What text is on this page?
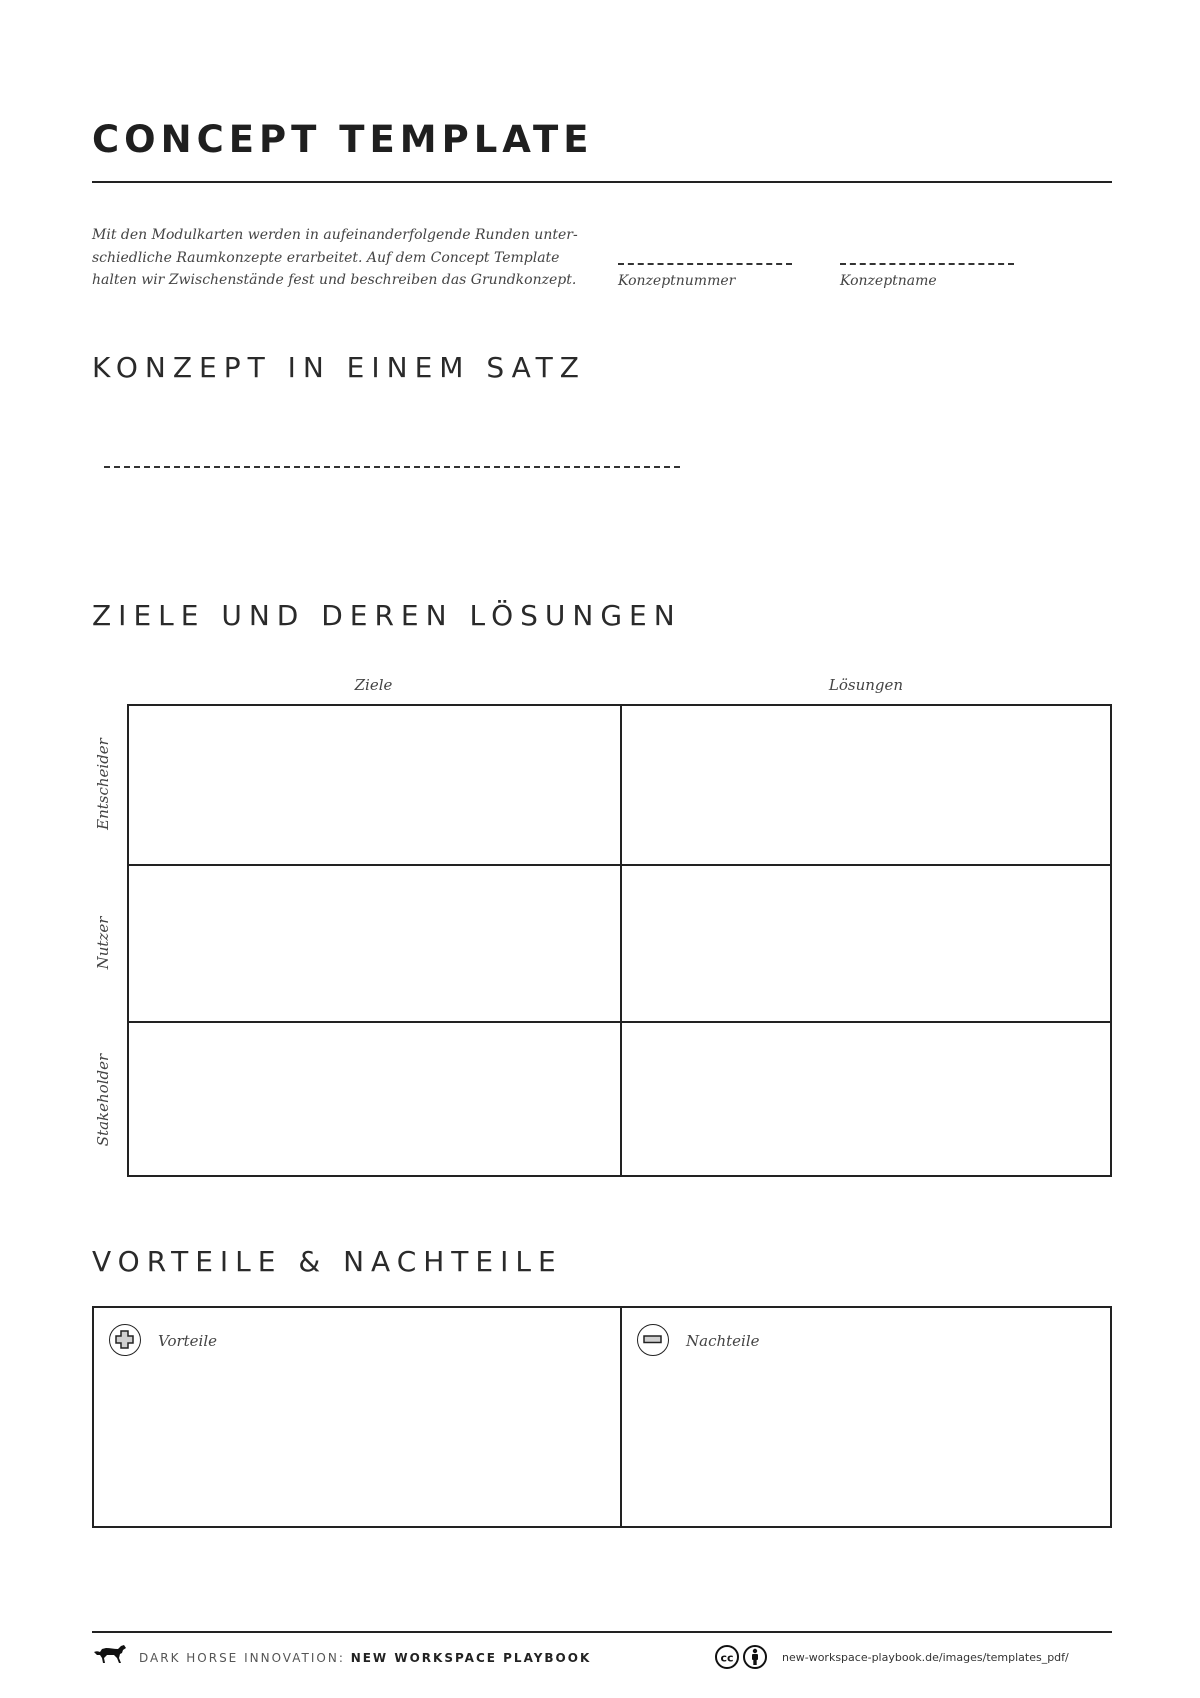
CONCEPT TEMPLATE
Mit den Modulkarten werden in aufeinanderfolgende Runden unter-schiedliche Raumkonzepte erarbeitet. Auf dem Concept Template halten wir Zwischenstände fest und beschreiben das Grundkonzept.	Konzeptnummer	Konzeptname
KONZEPT IN EINEM SATZ
ZIELE UND DEREN LÖSUNGEN
Ziele	Lösungen
Entscheider
Nutzer
Stakeholder
VORTEILE & NACHTEILE
Vorteile	Nachteile
DARK HORSE INNOVATION: NEW WORKSPACE PLAYBOOK	cc	new-workspace-playbook.de/images/templates_pdf/
